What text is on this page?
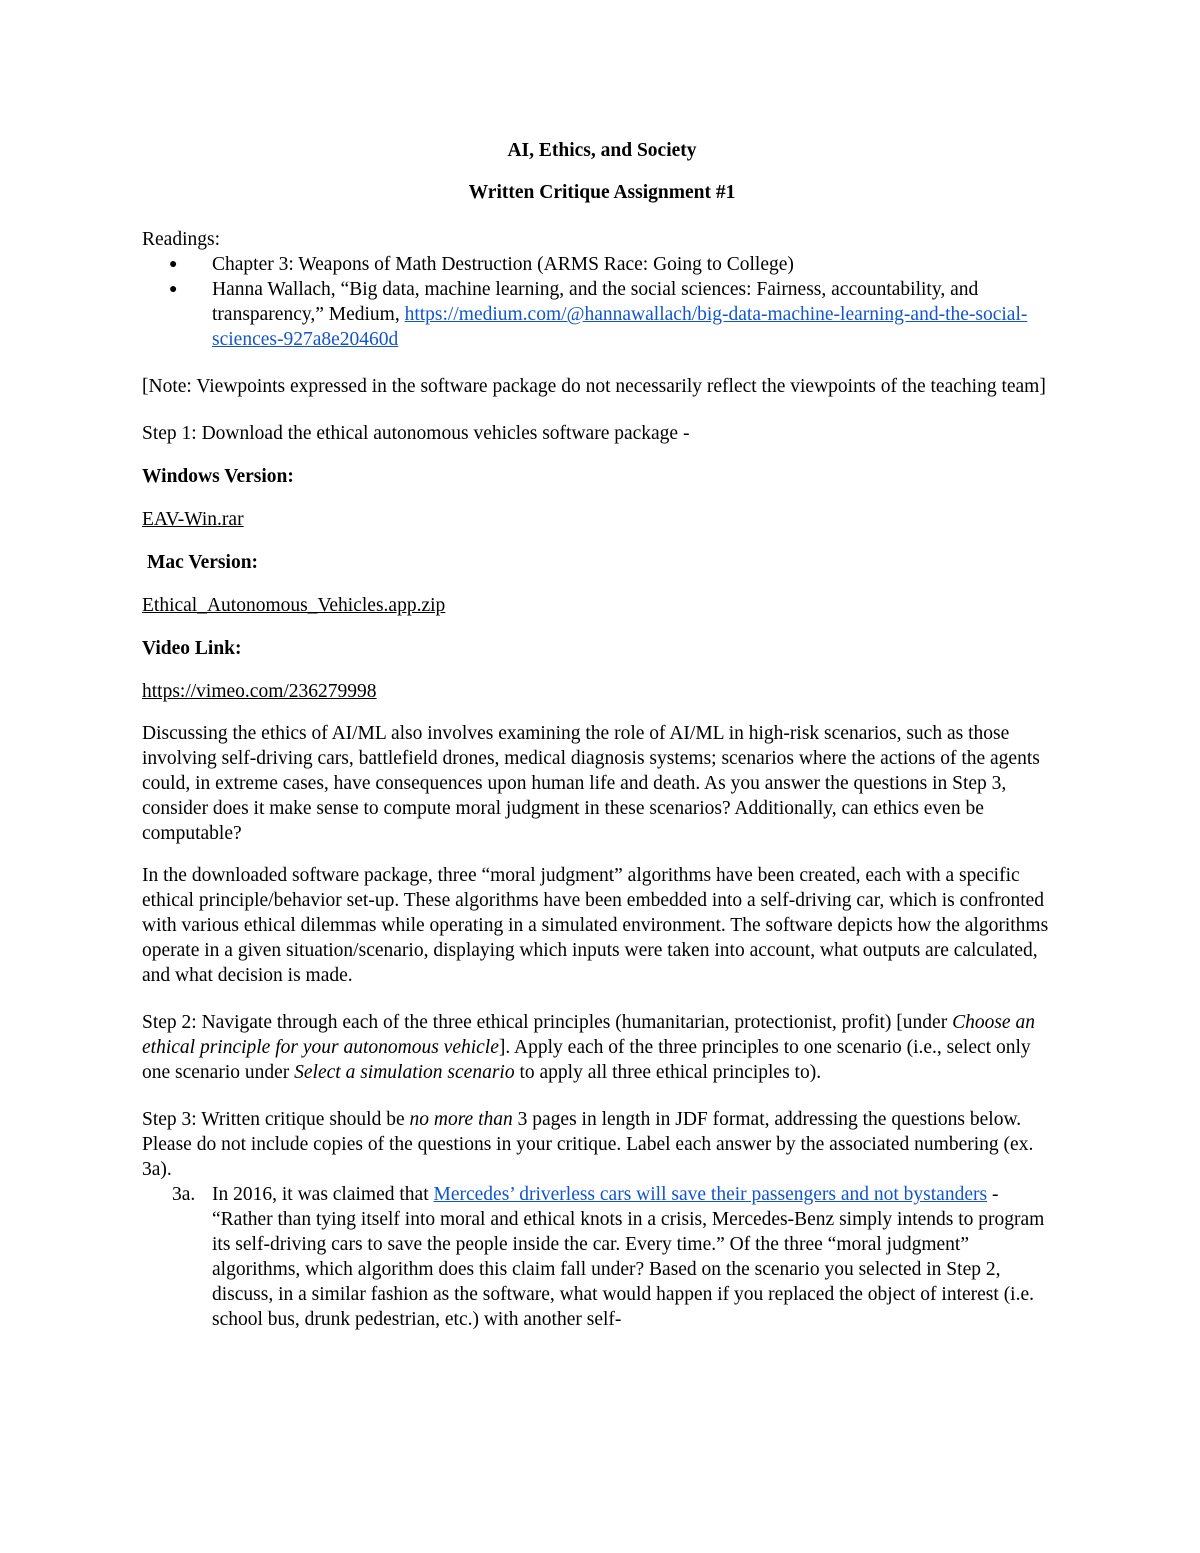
AI, Ethics, and Society

Written Critique Assignment #1

Readings:

● Chapter 3: Weapons of Math Destruction (ARMS Race: Going to College)
● Hanna Wallach, “Big data, machine learning, and the social sciences: Fairness, accountability, and transparency,” Medium, https://medium.com/@hannawallach/big-data-machine-learning-and-the-social-sciences-927a8e20460d

[Note: Viewpoints expressed in the software package do not necessarily reflect the viewpoints of the teaching team]

Step 1: Download the ethical autonomous vehicles software package -

Windows Version:

EAV-Win.rar

Mac Version:

Ethical_Autonomous_Vehicles.app.zip

Video Link:

https://vimeo.com/236279998

Discussing the ethics of AI/ML also involves examining the role of AI/ML in high-risk scenarios, such as those involving self-driving cars, battlefield drones, medical diagnosis systems; scenarios where the actions of the agents could, in extreme cases, have consequences upon human life and death. As you answer the questions in Step 3, consider does it make sense to compute moral judgment in these scenarios? Additionally, can ethics even be computable?

In the downloaded software package, three “moral judgment” algorithms have been created, each with a specific ethical principle/behavior set-up. These algorithms have been embedded into a self-driving car, which is confronted with various ethical dilemmas while operating in a simulated environment. The software depicts how the algorithms operate in a given situation/scenario, displaying which inputs were taken into account, what outputs are calculated, and what decision is made.

Step 2: Navigate through each of the three ethical principles (humanitarian, protectionist, profit) [under Choose an ethical principle for your autonomous vehicle]. Apply each of the three principles to one scenario (i.e., select only one scenario under Select a simulation scenario to apply all three ethical principles to).

Step 3: Written critique should be no more than 3 pages in length in JDF format, addressing the questions below. Please do not include copies of the questions in your critique. Label each answer by the associated numbering (ex. 3a).

3a. In 2016, it was claimed that Mercedes’ driverless cars will save their passengers and not bystanders - “Rather than tying itself into moral and ethical knots in a crisis, Mercedes-Benz simply intends to program its self-driving cars to save the people inside the car. Every time.” Of the three “moral judgment” algorithms, which algorithm does this claim fall under? Based on the scenario you selected in Step 2, discuss, in a similar fashion as the software, what would happen if you replaced the object of interest (i.e. school bus, drunk pedestrian, etc.) with another self-
